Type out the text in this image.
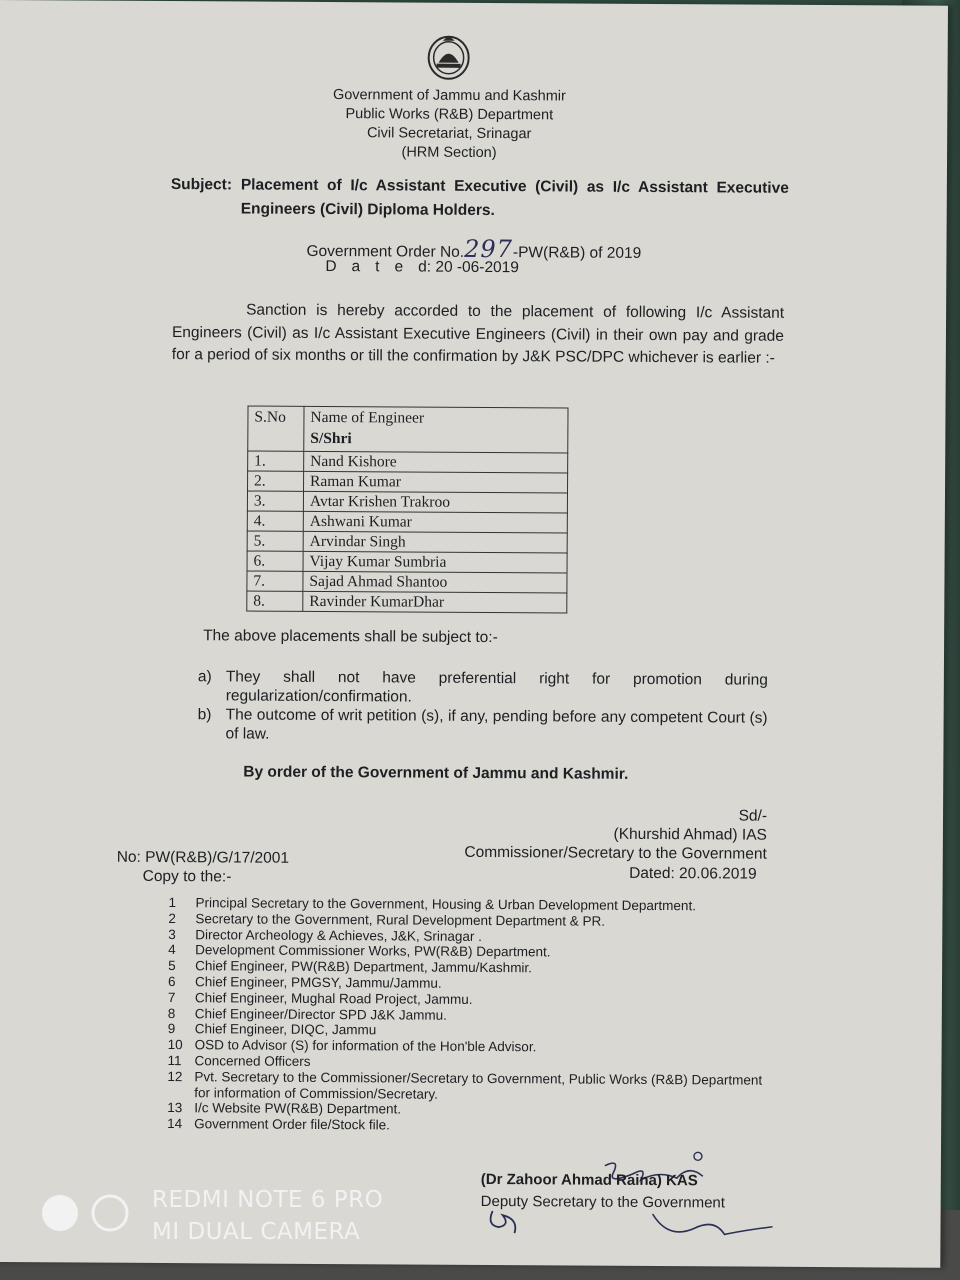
Government of Jammu and Kashmir
Public Works (R&B) Department
Civil Secretariat, Srinagar
(HRM Section)
Subject: Placement of I/c Assistant Executive (Civil) as I/c Assistant Executive Engineers (Civil) Diploma Holders.
Government Order No.297-PW(R&B) of 2019
Dated: 20 -06-2019
Sanction is hereby accorded to the placement of following I/c Assistant Engineers (Civil) as I/c Assistant Executive Engineers (Civil) in their own pay and grade for a period of six months or till the confirmation by J&K PSC/DPC whichever is earlier :-
S.No	Name of Engineer
S/Shri
1.	Nand Kishore
2.	Raman Kumar
3.	Avtar Krishen Trakroo
4.	Ashwani Kumar
5.	Arvindar Singh
6.	Vijay Kumar Sumbria
7.	Sajad Ahmad Shantoo
8.	Ravinder KumarDhar
The above placements shall be subject to:-
a) They shall not have preferential right for promotion during regularization/confirmation.
b) The outcome of writ petition (s), if any, pending before any competent Court (s) of law.
By order of the Government of Jammu and Kashmir.
Sd/-
(Khurshid Ahmad) IAS
Commissioner/Secretary to the Government
Dated: 20.06.2019
No: PW(R&B)/G/17/2001
Copy to the:-
1	Principal Secretary to the Government, Housing & Urban Development Department.
2	Secretary to the Government, Rural Development Department & PR.
3	Director Archeology & Achieves, J&K, Srinagar .
4	Development Commissioner Works, PW(R&B) Department.
5	Chief Engineer, PW(R&B) Department, Jammu/Kashmir.
6	Chief Engineer, PMGSY, Jammu/Jammu.
7	Chief Engineer, Mughal Road Project, Jammu.
8	Chief Engineer/Director SPD J&K Jammu.
9	Chief Engineer, DIQC, Jammu
10 OSD to Advisor (S) for information of the Hon'ble Advisor.
11 Concerned Officers
12 Pvt. Secretary to the Commissioner/Secretary to Government, Public Works (R&B) Department for information of Commission/Secretary.
13 I/c Website PW(R&B) Department.
14 Government Order file/Stock file.
(Dr Zahoor Ahmad Raina) KAS
Deputy Secretary to the Government
REDMI NOTE 6 PRO
MI DUAL CAMERA
